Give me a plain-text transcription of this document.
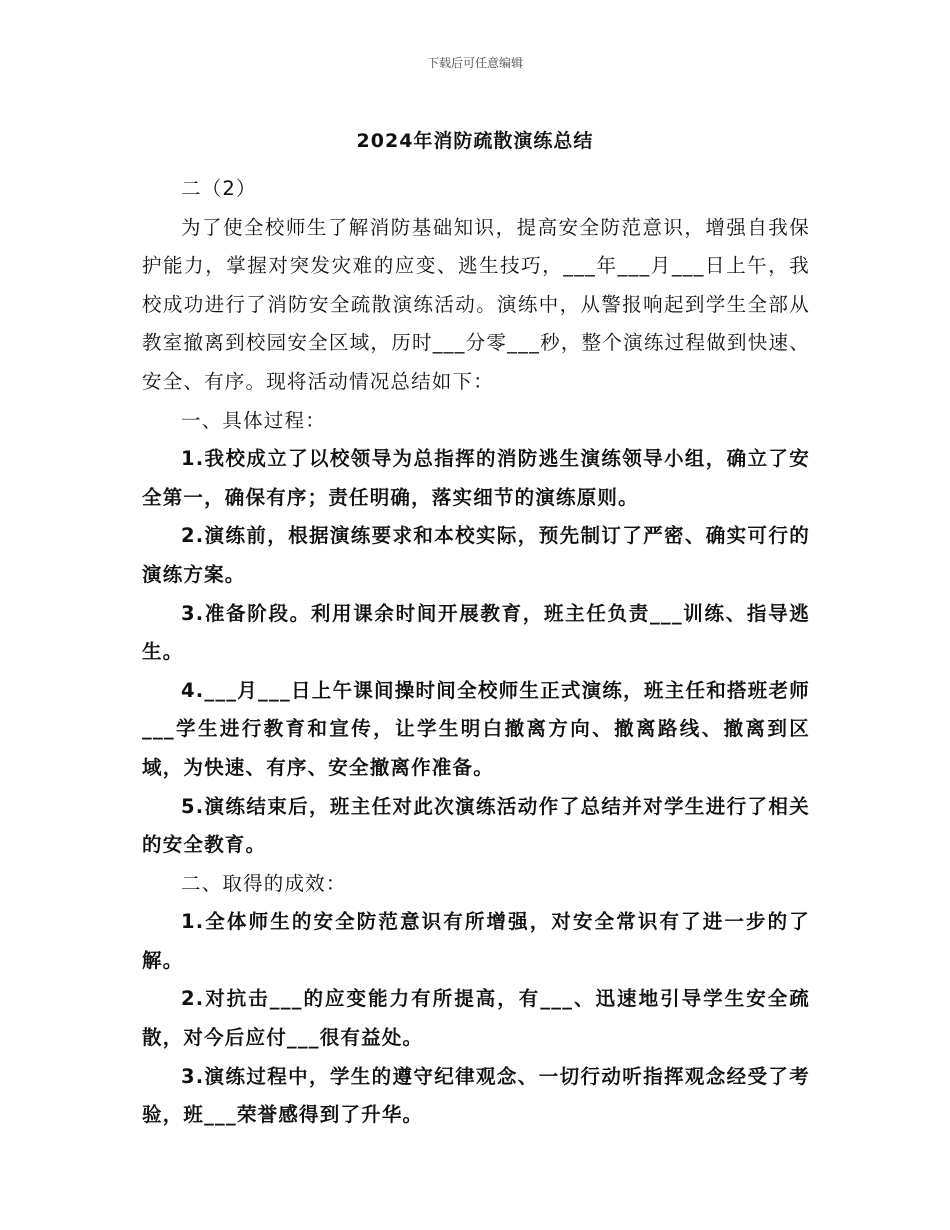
下载后可任意编辑
2024年消防疏散演练总结

二（2）

为了使全校师生了解消防基础知识，提高安全防范意识，增强自我保护能力，掌握对突发灾难的应变、逃生技巧，___年___月___日上午，我校成功进行了消防安全疏散演练活动。演练中，从警报响起到学生全部从教室撤离到校园安全区域，历时___分零___秒，整个演练过程做到快速、安全、有序。现将活动情况总结如下：

一、具体过程：

1.我校成立了以校领导为总指挥的消防逃生演练领导小组，确立了安全第一，确保有序；责任明确，落实细节的演练原则。

2.演练前，根据演练要求和本校实际，预先制订了严密、确实可行的演练方案。

3.准备阶段。利用课余时间开展教育，班主任负责___训练、指导逃生。

4.___月___日上午课间操时间全校师生正式演练，班主任和搭班老师___学生进行教育和宣传，让学生明白撤离方向、撤离路线、撤离到区域，为快速、有序、安全撤离作准备。

5.演练结束后，班主任对此次演练活动作了总结并对学生进行了相关的安全教育。

二、取得的成效：

1.全体师生的安全防范意识有所增强，对安全常识有了进一步的了解。

2.对抗击___的应变能力有所提高，有___、迅速地引导学生安全疏散，对今后应付___很有益处。

3.演练过程中，学生的遵守纪律观念、一切行动听指挥观念经受了考验，班___荣誉感得到了升华。
